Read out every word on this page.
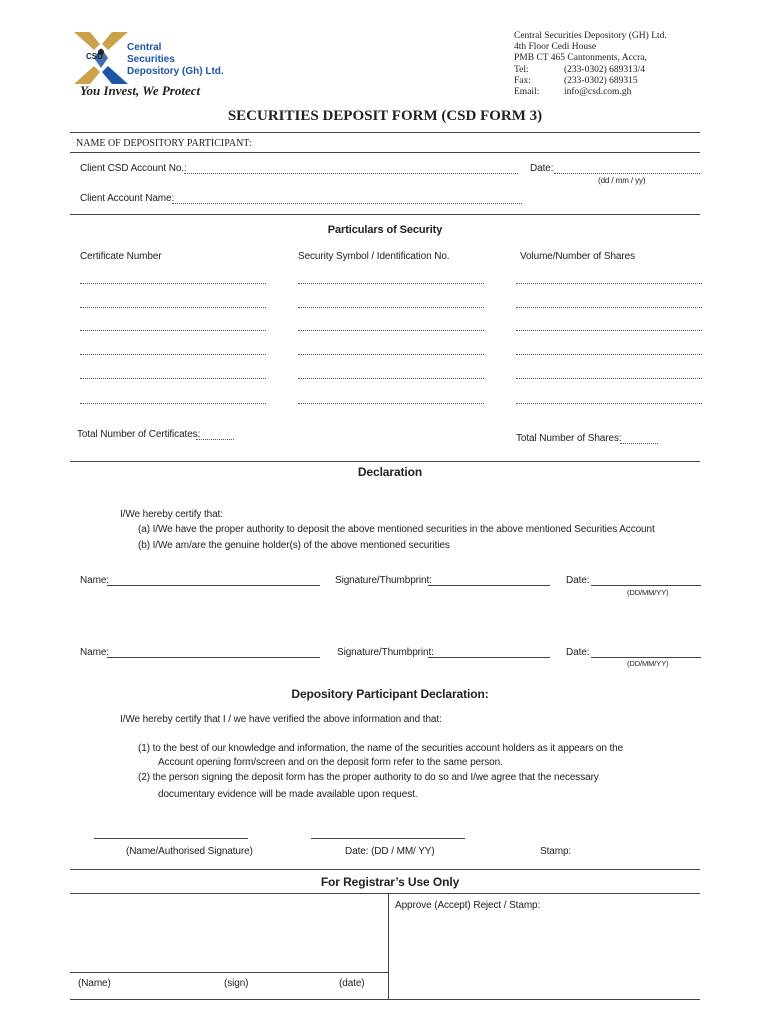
CSD
Central
Securities
Depository (Gh) Ltd.
You Invest, We Protect
Central Securities Depository (GH) Ltd.
4th Floor Cedi House
PMB CT 465 Cantonments, Accra,
Tel:	(233-0302) 689313/4
Fax:	(233-0302) 689315
Email:	info@csd.com.gh
SECURITIES DEPOSIT FORM (CSD FORM 3)
NAME OF DEPOSITORY PARTICIPANT:
Client CSD Account No.:	Date:
(dd / mm / yy)
Client Account Name:
Particulars of Security
Certificate Number	Security Symbol / Identification No.	Volume/Number of Shares
Total Number of Certificates:	Total Number of Shares:
Declaration
I/We hereby certify that:
(a) I/We have the proper authority to deposit the above mentioned securities in the above mentioned Securities Account
(b) I/We am/are the genuine holder(s) of the above mentioned securities
Name:	Signature/Thumbprint:	Date:
(DD/MM/YY)
Name:	Signature/Thumbprint:	Date:
(DD/MM/YY)
Depository Participant Declaration:
I/We hereby certify that I / we have verified the above information and that:
(1) to the best of our knowledge and information, the name of the securities account holders as it appears on the
Account opening form/screen and on the deposit form refer to the same person.
(2) the person signing the deposit form has the proper authority to do so and I/we agree that the necessary
documentary evidence will be made available upon request.
(Name/Authorised Signature)	Date: (DD / MM/ YY)	Stamp:
For Registrar’s Use Only
Approve (Accept) Reject / Stamp:
(Name)	(sign)	(date)
